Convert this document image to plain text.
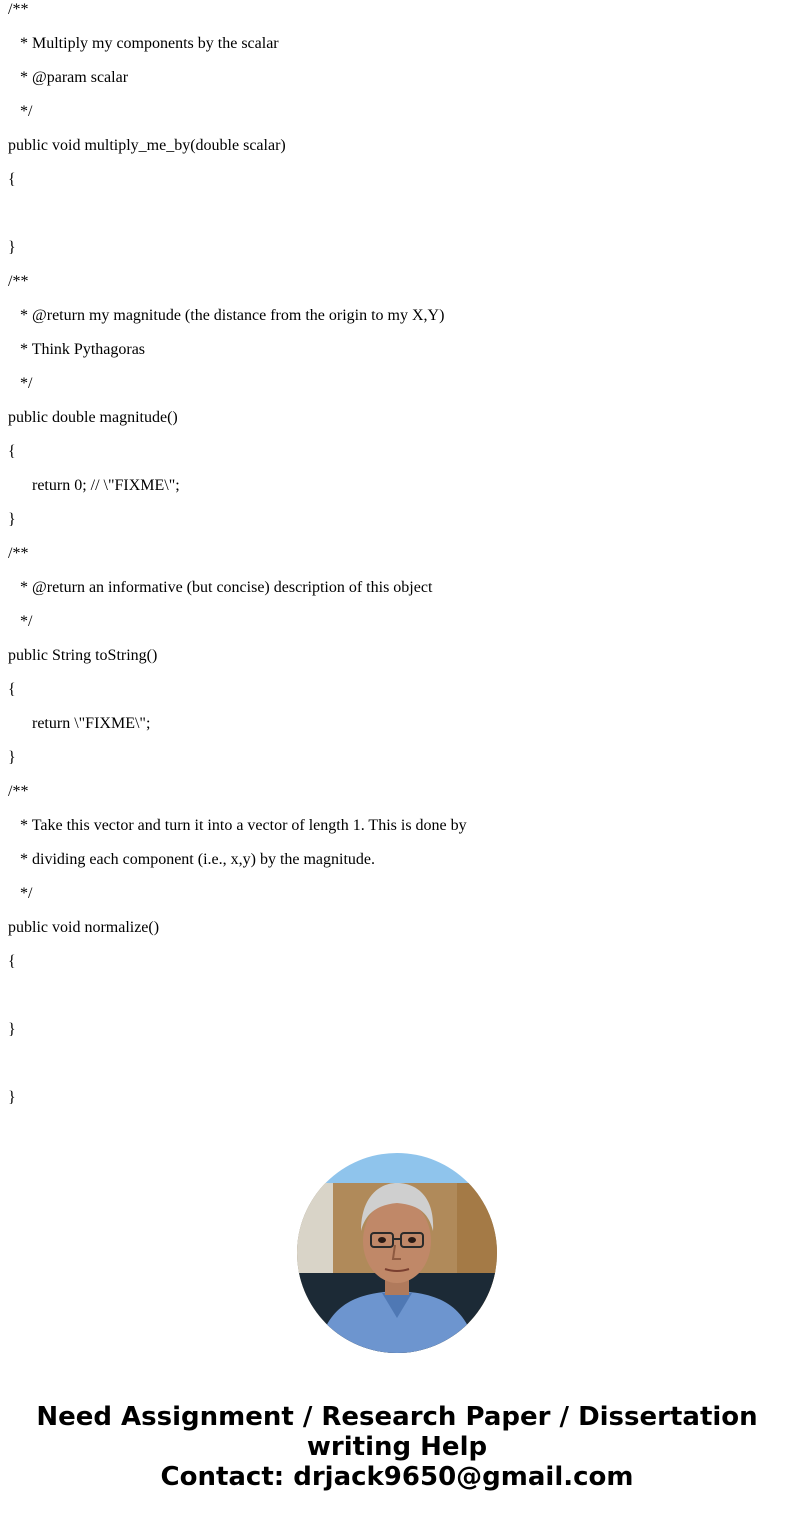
/**
* Multiply my components by the scalar
* @param scalar
*/
public void multiply_me_by(double scalar)
{
}
/**
* @return my magnitude (the distance from the origin to my X,Y)
* Think Pythagoras
*/
public double magnitude()
{
return 0; // \"FIXME\";
}
/**
* @return an informative (but concise) description of this object
*/
public String toString()
{
return \"FIXME\";
}
/**
* Take this vector and turn it into a vector of length 1. This is done by
* dividing each component (i.e., x,y) by the magnitude.
*/
public void normalize()
{
}
}
Need Assignment / Research Paper / Dissertation
writing Help
Contact: drjack9650@gmail.com
